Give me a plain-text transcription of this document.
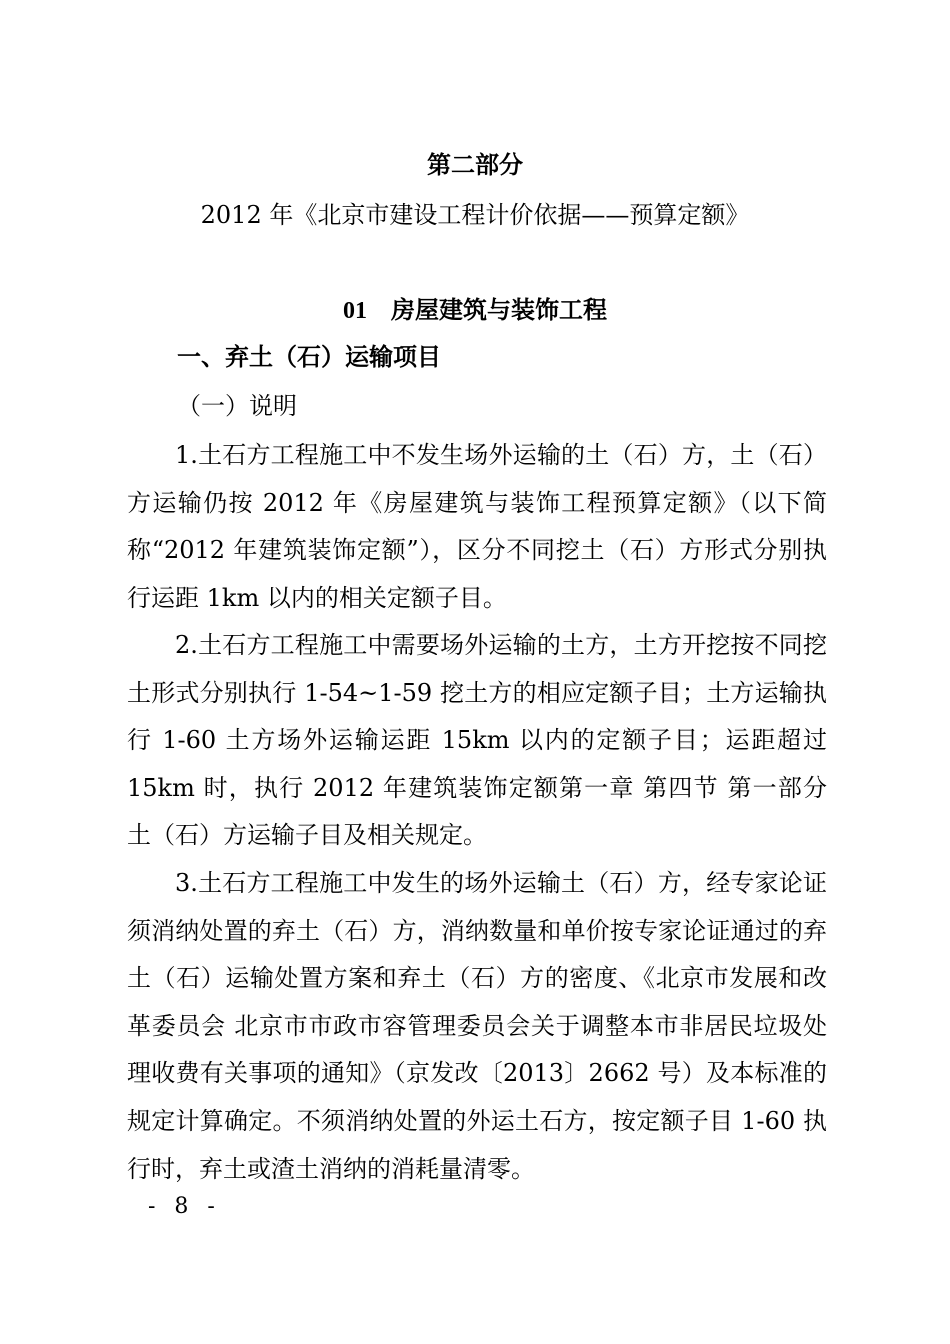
第二部分
2012 年《北京市建设工程计价依据——预算定额》
01 房屋建筑与装饰工程
一、弃土（石）运输项目
（一）说明
1.土石方工程施工中不发生场外运输的土（石）方，土（石）方运输仍按 2012 年《房屋建筑与装饰工程预算定额》（以下简称“2012 年建筑装饰定额”），区分不同挖土（石）方形式分别执行运距 1km 以内的相关定额子目。
2.土石方工程施工中需要场外运输的土方，土方开挖按不同挖土形式分别执行 1-54~1-59 挖土方的相应定额子目；土方运输执行 1-60 土方场外运输运距 15km 以内的定额子目；运距超过 15km 时，执行 2012 年建筑装饰定额第一章 第四节 第一部分 土（石）方运输子目及相关规定。
3.土石方工程施工中发生的场外运输土（石）方，经专家论证须消纳处置的弃土（石）方，消纳数量和单价按专家论证通过的弃土（石）运输处置方案和弃土（石）方的密度、《北京市发展和改革委员会 北京市市政市容管理委员会关于调整本市非居民垃圾处理收费有关事项的通知》（京发改〔2013〕2662 号）及本标准的规定计算确定。不须消纳处置的外运土石方，按定额子目 1-60 执行时，弃土或渣土消纳的消耗量清零。
- 8 -
